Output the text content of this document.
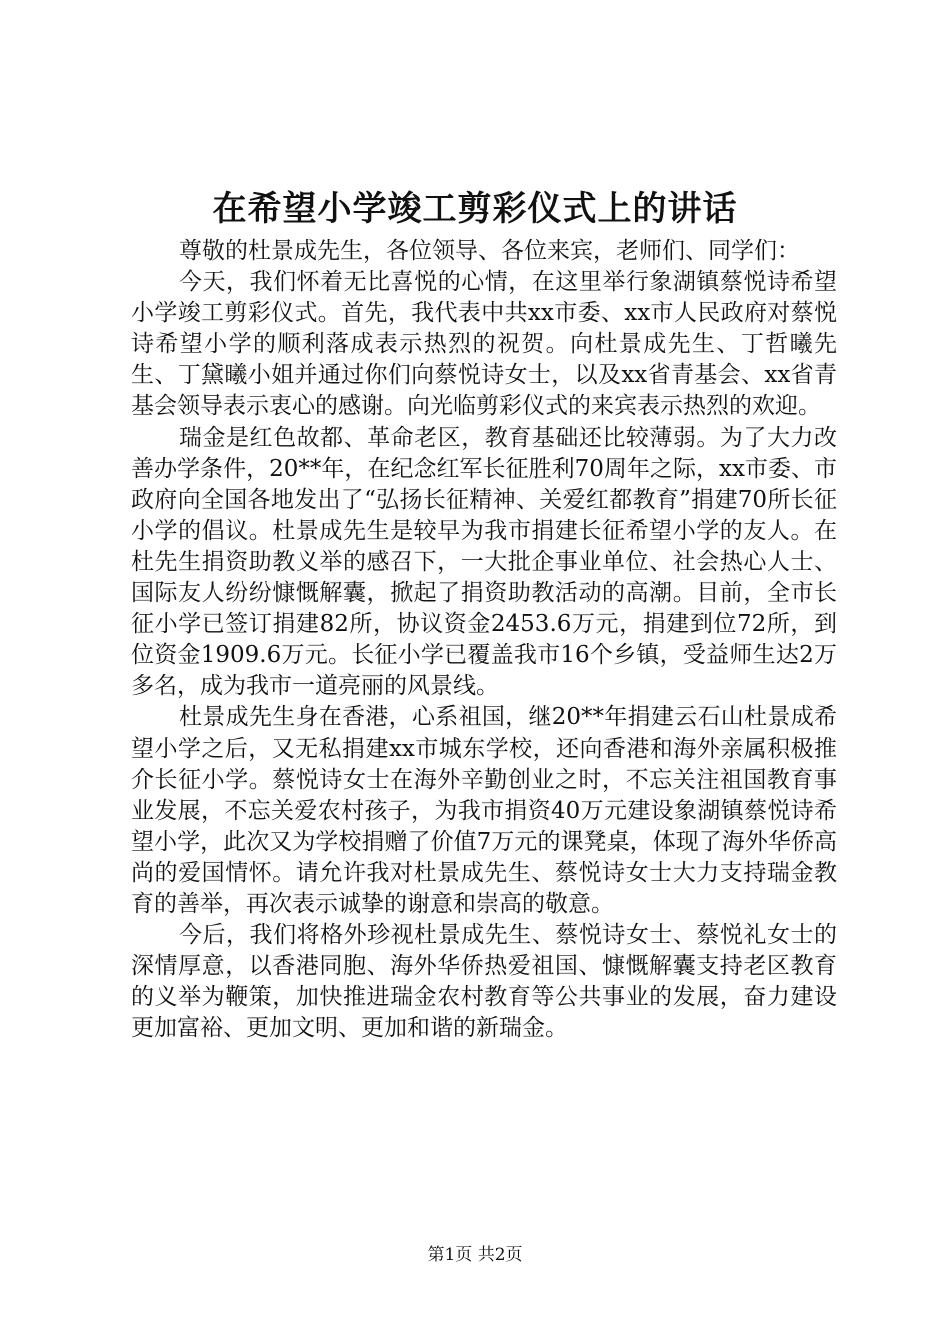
在希望小学竣工剪彩仪式上的讲话

尊敬的杜景成先生，各位领导、各位来宾，老师们、同学们：

今天，我们怀着无比喜悦的心情，在这里举行象湖镇蔡悦诗希望小学竣工剪彩仪式。首先，我代表中共xx市委、xx市人民政府对蔡悦诗希望小学的顺利落成表示热烈的祝贺。向杜景成先生、丁哲曦先生、丁黛曦小姐并通过你们向蔡悦诗女士，以及xx省青基会、xx省青基会领导表示衷心的感谢。向光临剪彩仪式的来宾表示热烈的欢迎。

瑞金是红色故都、革命老区，教育基础还比较薄弱。为了大力改善办学条件，20**年，在纪念红军长征胜利70周年之际，xx市委、市政府向全国各地发出了“弘扬长征精神、关爱红都教育”捐建70所长征小学的倡议。杜景成先生是较早为我市捐建长征希望小学的友人。在杜先生捐资助教义举的感召下，一大批企事业单位、社会热心人士、国际友人纷纷慷慨解囊，掀起了捐资助教活动的高潮。目前，全市长征小学已签订捐建82所，协议资金2453.6万元，捐建到位72所，到位资金1909.6万元。长征小学已覆盖我市16个乡镇，受益师生达2万多名，成为我市一道亮丽的风景线。

杜景成先生身在香港，心系祖国，继20**年捐建云石山杜景成希望小学之后，又无私捐建xx市城东学校，还向香港和海外亲属积极推介长征小学。蔡悦诗女士在海外辛勤创业之时，不忘关注祖国教育事业发展，不忘关爱农村孩子，为我市捐资40万元建设象湖镇蔡悦诗希望小学，此次又为学校捐赠了价值7万元的课凳桌，体现了海外华侨高尚的爱国情怀。请允许我对杜景成先生、蔡悦诗女士大力支持瑞金教育的善举，再次表示诚挚的谢意和崇高的敬意。

今后，我们将格外珍视杜景成先生、蔡悦诗女士、蔡悦礼女士的深情厚意，以香港同胞、海外华侨热爱祖国、慷慨解囊支持老区教育的义举为鞭策，加快推进瑞金农村教育等公共事业的发展，奋力建设更加富裕、更加文明、更加和谐的新瑞金。

第1页 共2页
